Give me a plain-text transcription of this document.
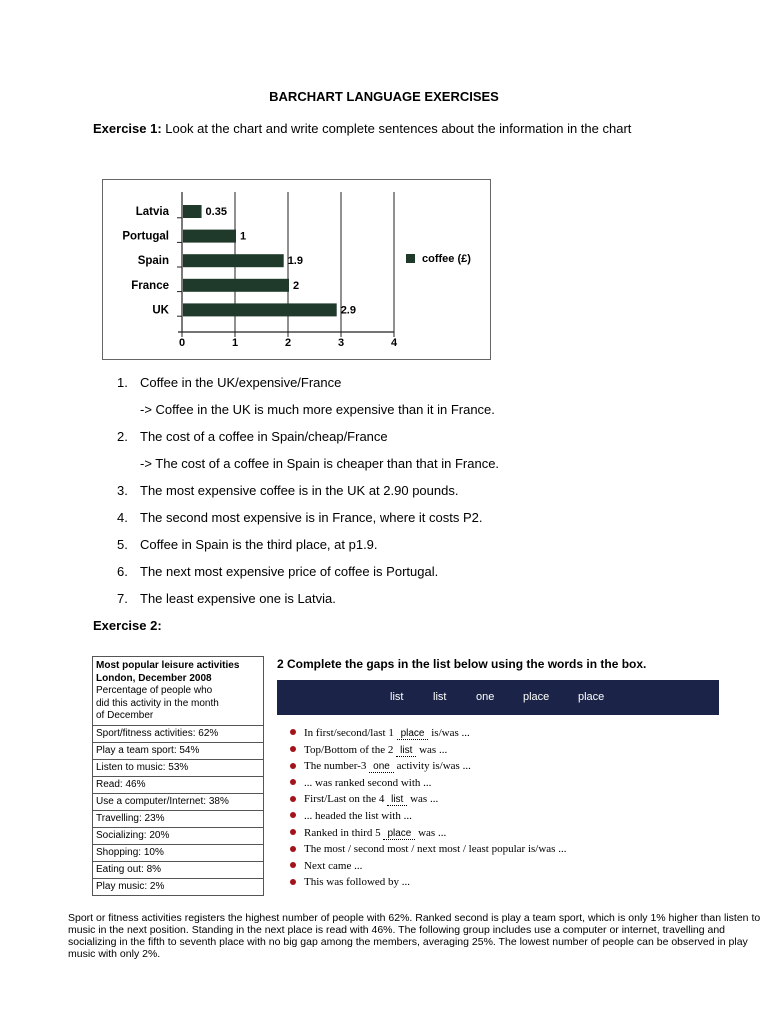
BARCHART LANGUAGE EXERCISES
Exercise 1: Look at the chart and write complete sentences about the information in the chart
0	1	2	3	4
Latvia	0.35
Portugal	1
Spain	1.9
France	2
UK	2.9
coffee (£)
1. Coffee in the UK/expensive/France
-> Coffee in the UK is much more expensive than it in France.
2. The cost of a coffee in Spain/cheap/France
-> The cost of a coffee in Spain is cheaper than that in France.
3. The most expensive coffee is in the UK at 2.90 pounds.
4. The second most expensive is in France, where it costs P2.
5. Coffee in Spain is the third place, at p1.9.
6. The next most expensive price of coffee is Portugal.
7. The least expensive one is Latvia.
Exercise 2:
Most popular leisure activities
London, December 2008
Percentage of people who
did this activity in the month
of December
Sport/fitness activities: 62%
Play a team sport: 54%
Listen to music: 53%
Read: 46%
Use a computer/Internet: 38%
Travelling: 23%
Socializing: 20%
Shopping: 10%
Eating out: 8%
Play music: 2%
2 Complete the gaps in the list below using the words in the box.
list	list	one	place	place
In first/second/last 1 place is/was ...
Top/Bottom of the 2 list was ...
The number-3 one activity is/was ...
... was ranked second with ...
First/Last on the 4 list was ...
... headed the list with ...
Ranked in third 5 place was ...
The most / second most / next most / least popular is/was ...
Next came ...
This was followed by ...
Sport or fitness activities registers the highest number of people with 62%. Ranked second is play a team sport, which is only 1% higher than listen to music in the next position. Standing in the next place is read with 46%. The following group includes use a computer or internet, travelling and socializing in the fifth to seventh place with no big gap among the members, averaging 25%. The lowest number of people can be observed in play music with only 2%.
